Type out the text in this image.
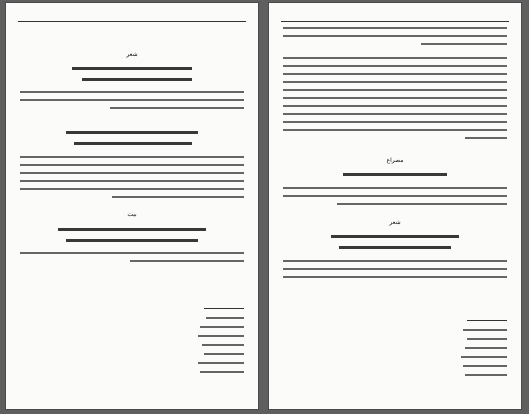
شعر
بيت
مصراع
شعر
